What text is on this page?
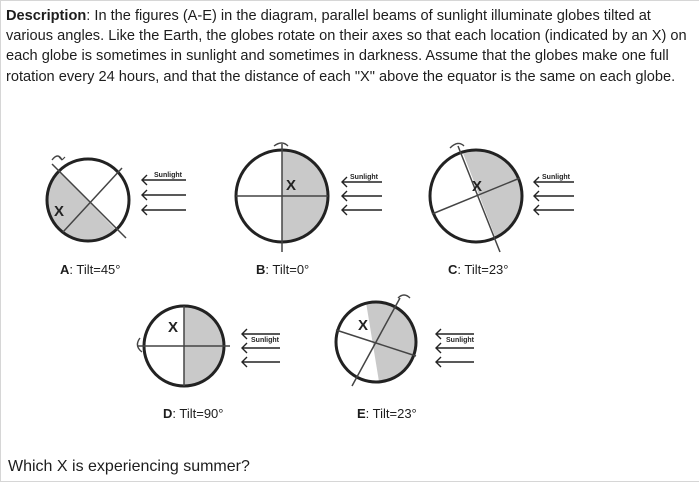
Description: In the figures (A-E) in the diagram, parallel beams of sunlight illuminate globes tilted at various angles. Like the Earth, the globes rotate on their axes so that each location (indicated by an X) on each globe is sometimes in sunlight and sometimes in darkness. Assume that the globes make one full rotation every 24 hours, and that the distance of each "X" above the equator is the same on each globe.
X
Sunlight
A: Tilt=45°
X	Sunlight
B: Tilt=0°
X
Sunlight
C: Tilt=23°
X
Sunlight
D: Tilt=90°
X
Sunlight
E: Tilt=23°
Which X is experiencing summer?
